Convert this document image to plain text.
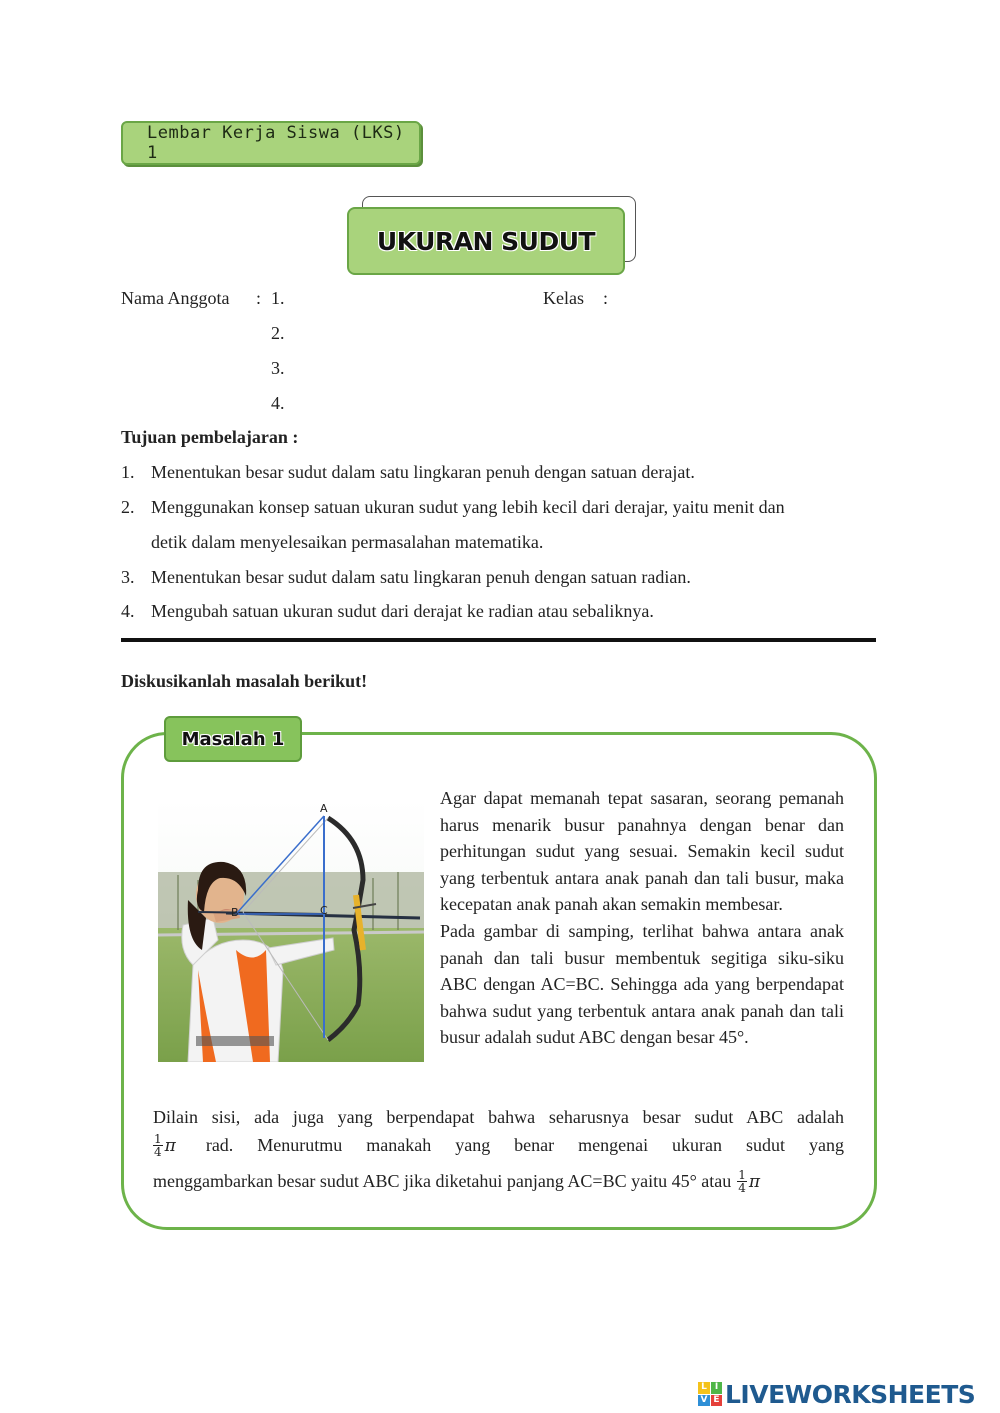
Lembar Kerja Siswa (LKS) 1
UKURAN SUDUT
Nama Anggota : 1.
2.
3.
4.
Kelas :
Tujuan pembelajaran :
1. Menentukan besar sudut dalam satu lingkaran penuh dengan satuan derajat.
2. Menggunakan konsep satuan ukuran sudut yang lebih kecil dari derajar, yaitu menit dan
detik dalam menyelesaikan permasalahan matematika.
3. Menentukan besar sudut dalam satu lingkaran penuh dengan satuan radian.
4. Mengubah satuan ukuran sudut dari derajat ke radian atau sebaliknya.
Diskusikanlah masalah berikut!
Masalah 1
A
B	C

Agar dapat memanah tepat sasaran, seorang pemanah harus menarik busur panahnya dengan benar dan perhitungan sudut yang sesuai. Semakin kecil sudut yang terbentuk antara anak panah dan tali busur, maka kecepatan anak panah akan semakin membesar.

Pada gambar di samping, terlihat bahwa antara anak panah dan tali busur membentuk segitiga siku-siku ABC dengan AC=BC. Sehingga ada yang berpendapat bahwa sudut yang terbentuk antara anak panah dan tali busur adalah sudut ABC dengan besar 45°.

Dilain sisi, ada juga yang berpendapat bahwa seharusnya besar sudut ABC adalah
$\frac{1}{4}$ π rad. Menurutmu manakah yang benar mengenai ukuran sudut yang
menggambarkan besar sudut ABC jika diketahui panjang AC=BC yaitu 45° atau $\frac{1}{4}$ π
L I
V E LIVEWORKSHEETS
